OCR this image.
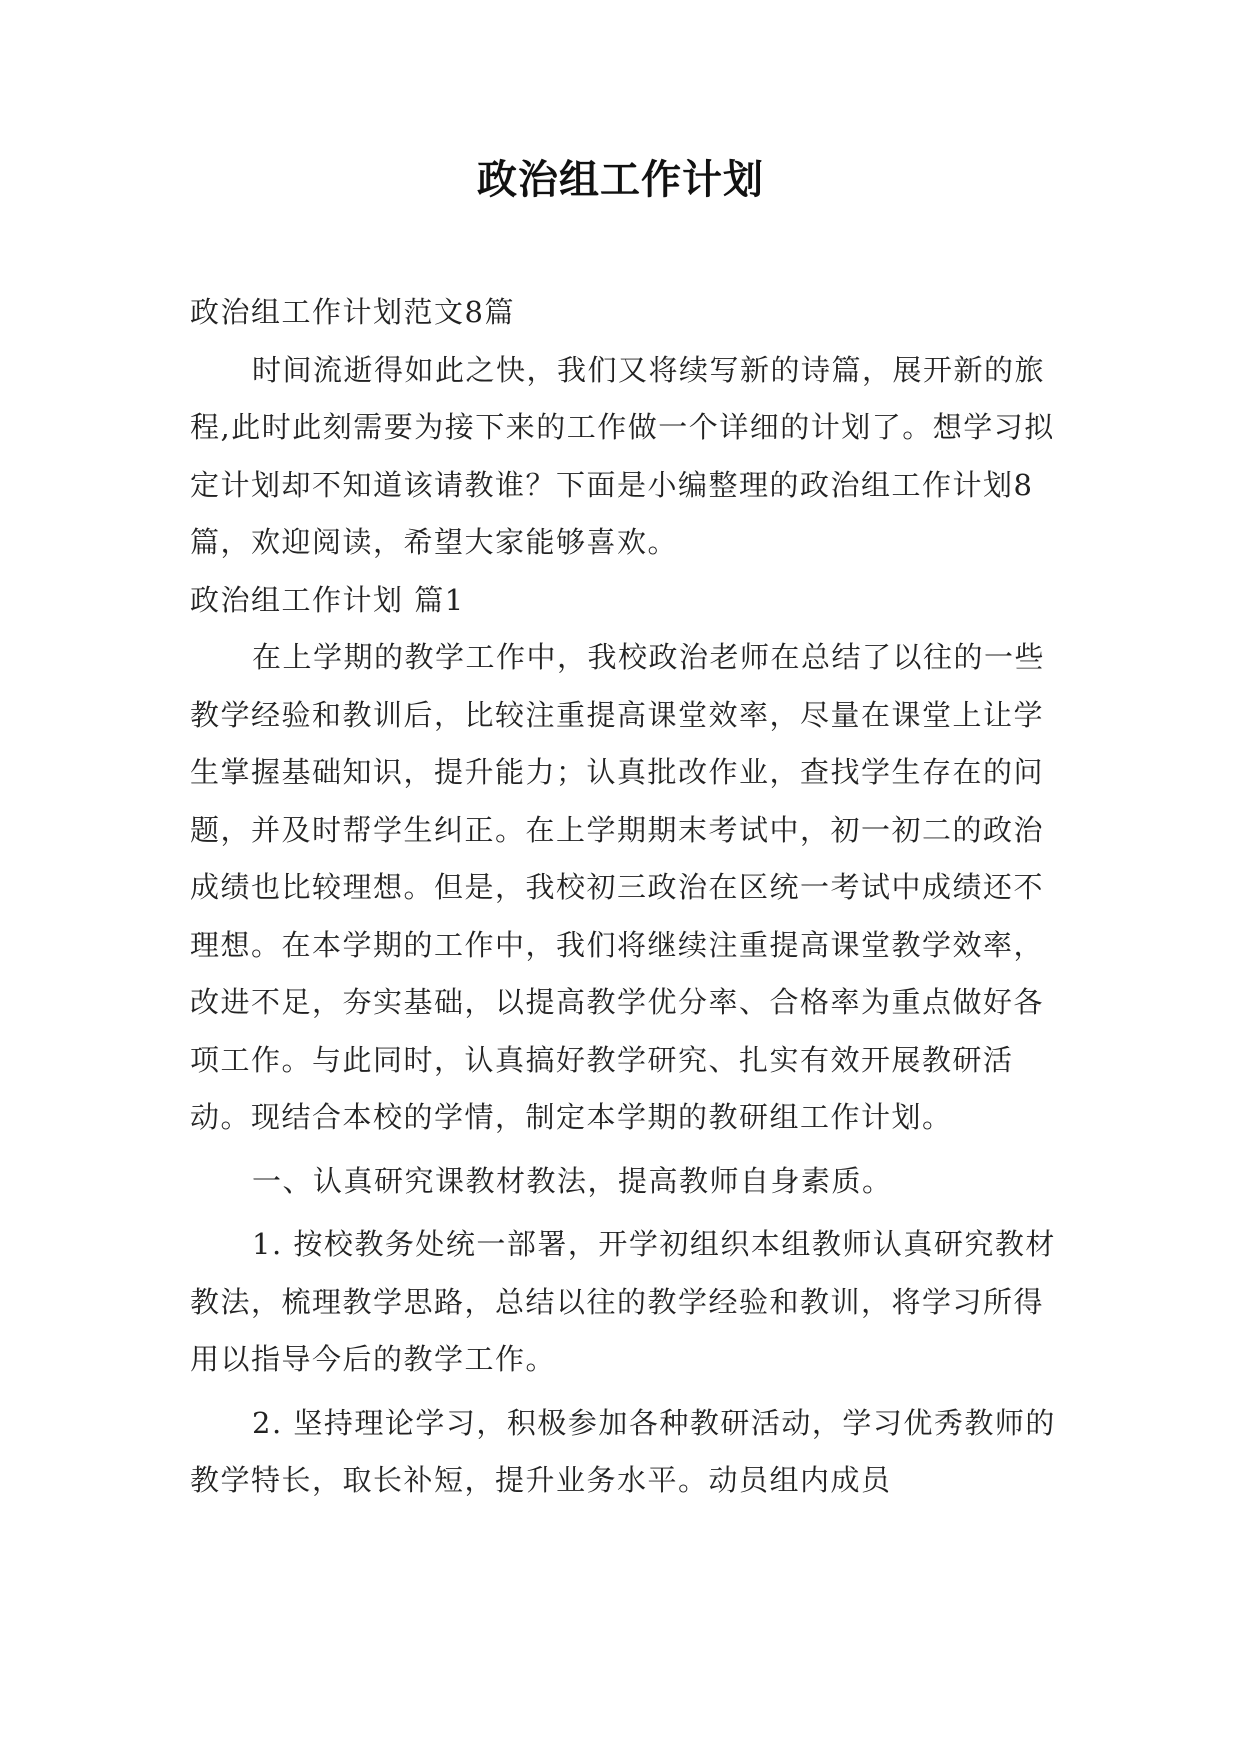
政治组工作计划

政治组工作计划范文8篇

时间流逝得如此之快，我们又将续写新的诗篇，展开新的旅程,此时此刻需要为接下来的工作做一个详细的计划了。想学习拟定计划却不知道该请教谁？下面是小编整理的政治组工作计划8篇，欢迎阅读，希望大家能够喜欢。

政治组工作计划 篇1

在上学期的教学工作中，我校政治老师在总结了以往的一些教学经验和教训后，比较注重提高课堂效率，尽量在课堂上让学生掌握基础知识，提升能力；认真批改作业，查找学生存在的问题，并及时帮学生纠正。在上学期期末考试中，初一初二的政治成绩也比较理想。但是，我校初三政治在区统一考试中成绩还不理想。在本学期的工作中，我们将继续注重提高课堂教学效率，改进不足，夯实基础，以提高教学优分率、合格率为重点做好各项工作。与此同时，认真搞好教学研究、扎实有效开展教研活动。现结合本校的学情，制定本学期的教研组工作计划。

一、认真研究课教材教法，提高教师自身素质。

1. 按校教务处统一部署，开学初组织本组教师认真研究教材教法，梳理教学思路，总结以往的教学经验和教训，将学习所得用以指导今后的教学工作。

2. 坚持理论学习，积极参加各种教研活动，学习优秀教师的教学特长，取长补短，提升业务水平。动员组内成员
